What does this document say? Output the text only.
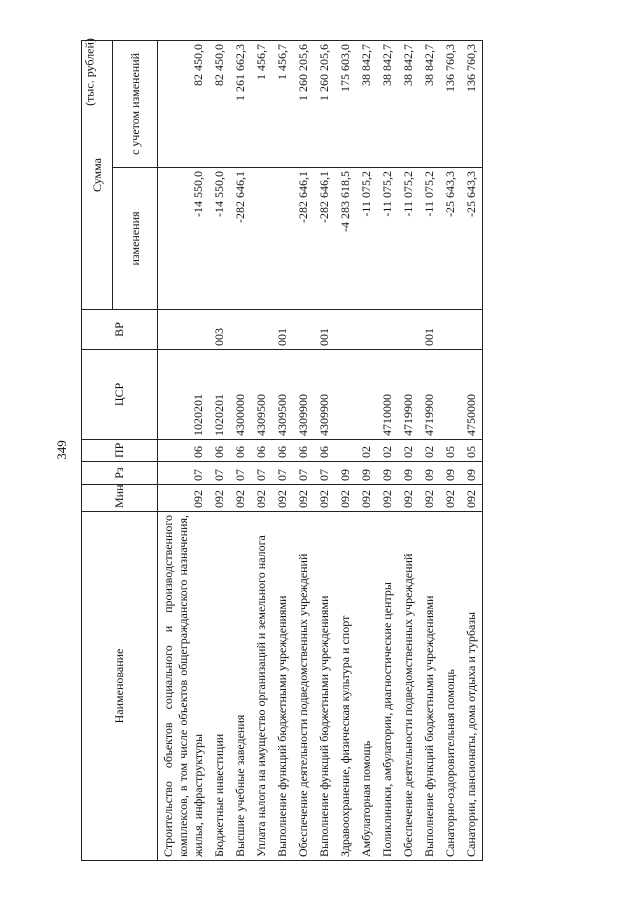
349
(тыс. рублей)
Наименование	Мин	Рз	ПР	ЦСР	ВР	Сумма	
						изменения	с учетом изменений
Строительство объектов социального и производственного комплексов, в том числе объектов общегражданского назначения, жилья, инфраструктуры	092	07	06	1020201		-14 550,0	82 450,0
Бюджетные инвестиции	092	07	06	1020201	003	-14 550,0	82 450,0
Высшие учебные заведения	092	07	06	4300000		-282 646,1	1 261 662,3
Уплата налога на имущество организаций и земельного налога	092	07	06	4309500			1 456,7
Выполнение функций бюджетными учреждениями	092	07	06	4309500	001		1 456,7
Обеспечение деятельности подведомственных учреждений	092	07	06	4309900		-282 646,1	1 260 205,6
Выполнение функций бюджетными учреждениями	092	07	06	4309900	001	-282 646,1	1 260 205,6
Здравоохранение, физическая культура и спорт	092	09				-4 283 618,5	175 603,0
Амбулаторная помощь	092	09	02			-11 075,2	38 842,7
Поликлиники, амбулатории, диагностические центры	092	09	02	4710000		-11 075,2	38 842,7
Обеспечение деятельности подведомственных учреждений	092	09	02	4719900		-11 075,2	38 842,7
Выполнение функций бюджетными учреждениями	092	09	02	4719900	001	-11 075,2	38 842,7
Санаторно-оздоровительная помощь	092	09	05			-25 643,3	136 760,3
Санатории, пансионаты, дома отдыха и турбазы	092	09	05	4750000		-25 643,3	136 760,3
